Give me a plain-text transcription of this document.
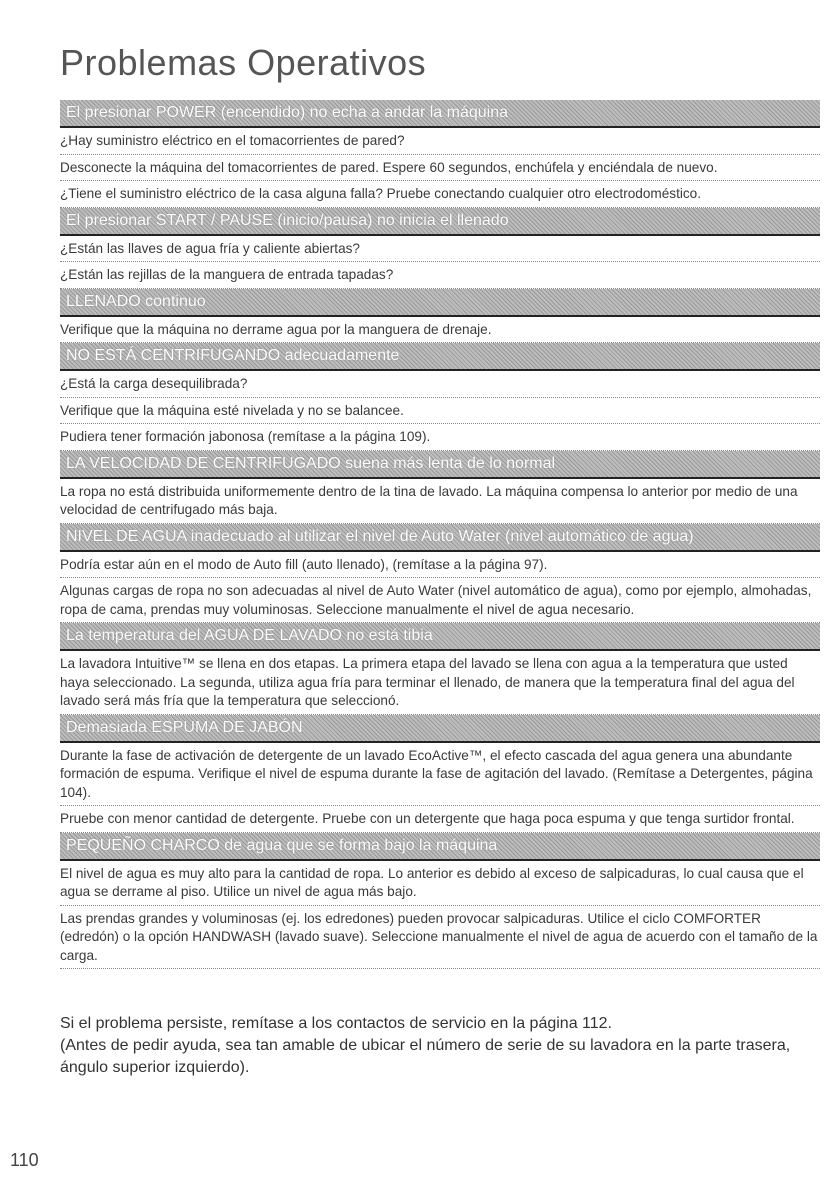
Problemas Operativos
El presionar POWER (encendido) no echa a andar la máquina
¿Hay suministro eléctrico en el tomacorrientes de pared?
Desconecte la máquina del tomacorrientes de pared. Espere 60 segundos, enchúfela y enciéndala de nuevo.
¿Tiene el suministro eléctrico de la casa alguna falla? Pruebe conectando cualquier otro electrodoméstico.
El presionar START / PAUSE (inicio/pausa) no inicia el llenado
¿Están las llaves de agua fría y caliente abiertas?
¿Están las rejillas de la manguera de entrada tapadas?
LLENADO continuo
Verifique que la máquina no derrame agua por la manguera de drenaje.
NO ESTÁ CENTRIFUGANDO adecuadamente
¿Está la carga desequilibrada?
Verifique que la máquina esté nivelada y no se balancee.
Pudiera tener formación jabonosa (remítase a la página 109).
LA VELOCIDAD DE CENTRIFUGADO suena más lenta de lo normal
La ropa no está distribuida uniformemente dentro de la tina de lavado. La máquina compensa lo anterior por medio de una velocidad de centrifugado más baja.
NIVEL DE AGUA inadecuado al utilizar el nivel de Auto Water (nivel automático de agua)
Podría estar aún en el modo de Auto fill (auto llenado), (remítase a la página 97).
Algunas cargas de ropa no son adecuadas al nivel de Auto Water (nivel automático de agua), como por ejemplo, almohadas, ropa de cama, prendas muy voluminosas. Seleccione manualmente el nivel de agua necesario.
La temperatura del AGUA DE LAVADO no está tibia
La lavadora Intuitive™ se llena en dos etapas. La primera etapa del lavado se llena con agua a la temperatura que usted haya seleccionado. La segunda, utiliza agua fría para terminar el llenado, de manera que la temperatura final del agua del lavado será más fría que la temperatura que seleccionó.
Demasiada ESPUMA DE JABÓN
Durante la fase de activación de detergente de un lavado EcoActive™, el efecto cascada del agua genera una abundante formación de espuma. Verifique el nivel de espuma durante la fase de agitación del lavado. (Remítase a Detergentes, página 104).
Pruebe con menor cantidad de detergente. Pruebe con un detergente que haga poca espuma y que tenga surtidor frontal.
PEQUEÑO CHARCO de agua que se forma bajo la máquina
El nivel de agua es muy alto para la cantidad de ropa. Lo anterior es debido al exceso de salpicaduras, lo cual causa que el agua se derrame al piso. Utilice un nivel de agua más bajo.
Las prendas grandes y voluminosas (ej. los edredones) pueden provocar salpicaduras. Utilice el ciclo COMFORTER (edredón) o la opción HANDWASH (lavado suave). Seleccione manualmente el nivel de agua de acuerdo con el tamaño de la carga.
Si el problema persiste, remítase a los contactos de servicio en la página 112.
(Antes de pedir ayuda, sea tan amable de ubicar el número de serie de su lavadora en la parte trasera, ángulo superior izquierdo).
110
